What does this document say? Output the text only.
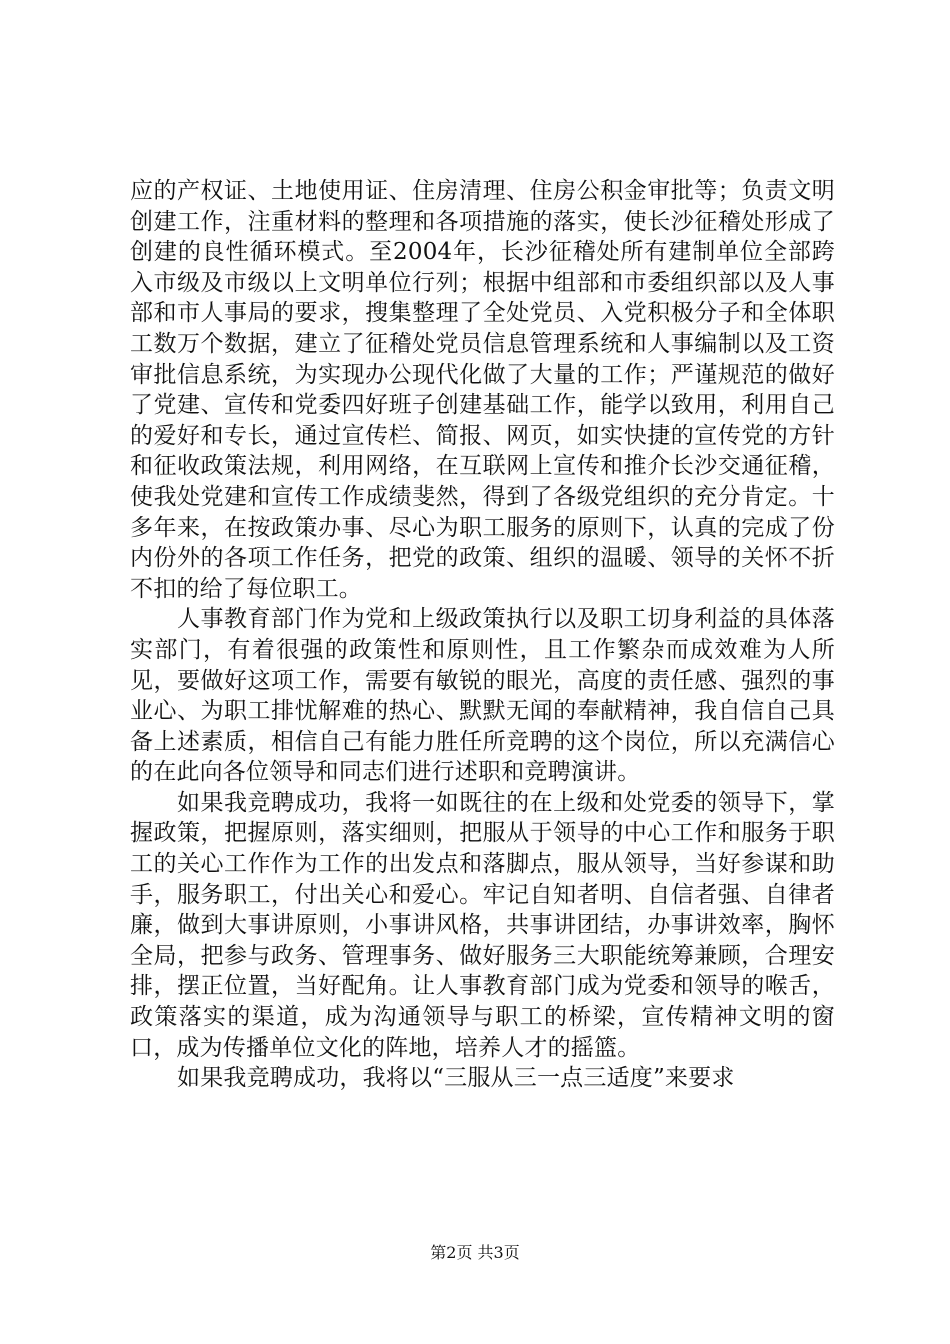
应的产权证、土地使用证、住房清理、住房公积金审批等；负责文明创建工作，注重材料的整理和各项措施的落实，使长沙征稽处形成了创建的良性循环模式。至2004年，长沙征稽处所有建制单位全部跨入市级及市级以上文明单位行列；根据中组部和市委组织部以及人事部和市人事局的要求，搜集整理了全处党员、入党积极分子和全体职工数万个数据，建立了征稽处党员信息管理系统和人事编制以及工资审批信息系统，为实现办公现代化做了大量的工作；严谨规范的做好了党建、宣传和党委四好班子创建基础工作，能学以致用，利用自己的爱好和专长，通过宣传栏、简报、网页，如实快捷的宣传党的方针和征收政策法规，利用网络，在互联网上宣传和推介长沙交通征稽，使我处党建和宣传工作成绩斐然，得到了各级党组织的充分肯定。十多年来，在按政策办事、尽心为职工服务的原则下，认真的完成了份内份外的各项工作任务，把党的政策、组织的温暖、领导的关怀不折不扣的给了每位职工。

人事教育部门作为党和上级政策执行以及职工切身利益的具体落实部门，有着很强的政策性和原则性，且工作繁杂而成效难为人所见，要做好这项工作，需要有敏锐的眼光，高度的责任感、强烈的事业心、为职工排忧解难的热心、默默无闻的奉献精神，我自信自己具备上述素质，相信自己有能力胜任所竞聘的这个岗位，所以充满信心的在此向各位领导和同志们进行述职和竞聘演讲。

如果我竞聘成功，我将一如既往的在上级和处党委的领导下，掌握政策，把握原则，落实细则，把服从于领导的中心工作和服务于职工的关心工作作为工作的出发点和落脚点，服从领导，当好参谋和助手，服务职工，付出关心和爱心。牢记自知者明、自信者强、自律者廉，做到大事讲原则，小事讲风格，共事讲团结，办事讲效率，胸怀全局，把参与政务、管理事务、做好服务三大职能统筹兼顾，合理安排，摆正位置，当好配角。让人事教育部门成为党委和领导的喉舌，政策落实的渠道，成为沟通领导与职工的桥梁，宣传精神文明的窗口，成为传播单位文化的阵地，培养人才的摇篮。

如果我竞聘成功，我将以“三服从三一点三适度”来要求

第2页 共3页
